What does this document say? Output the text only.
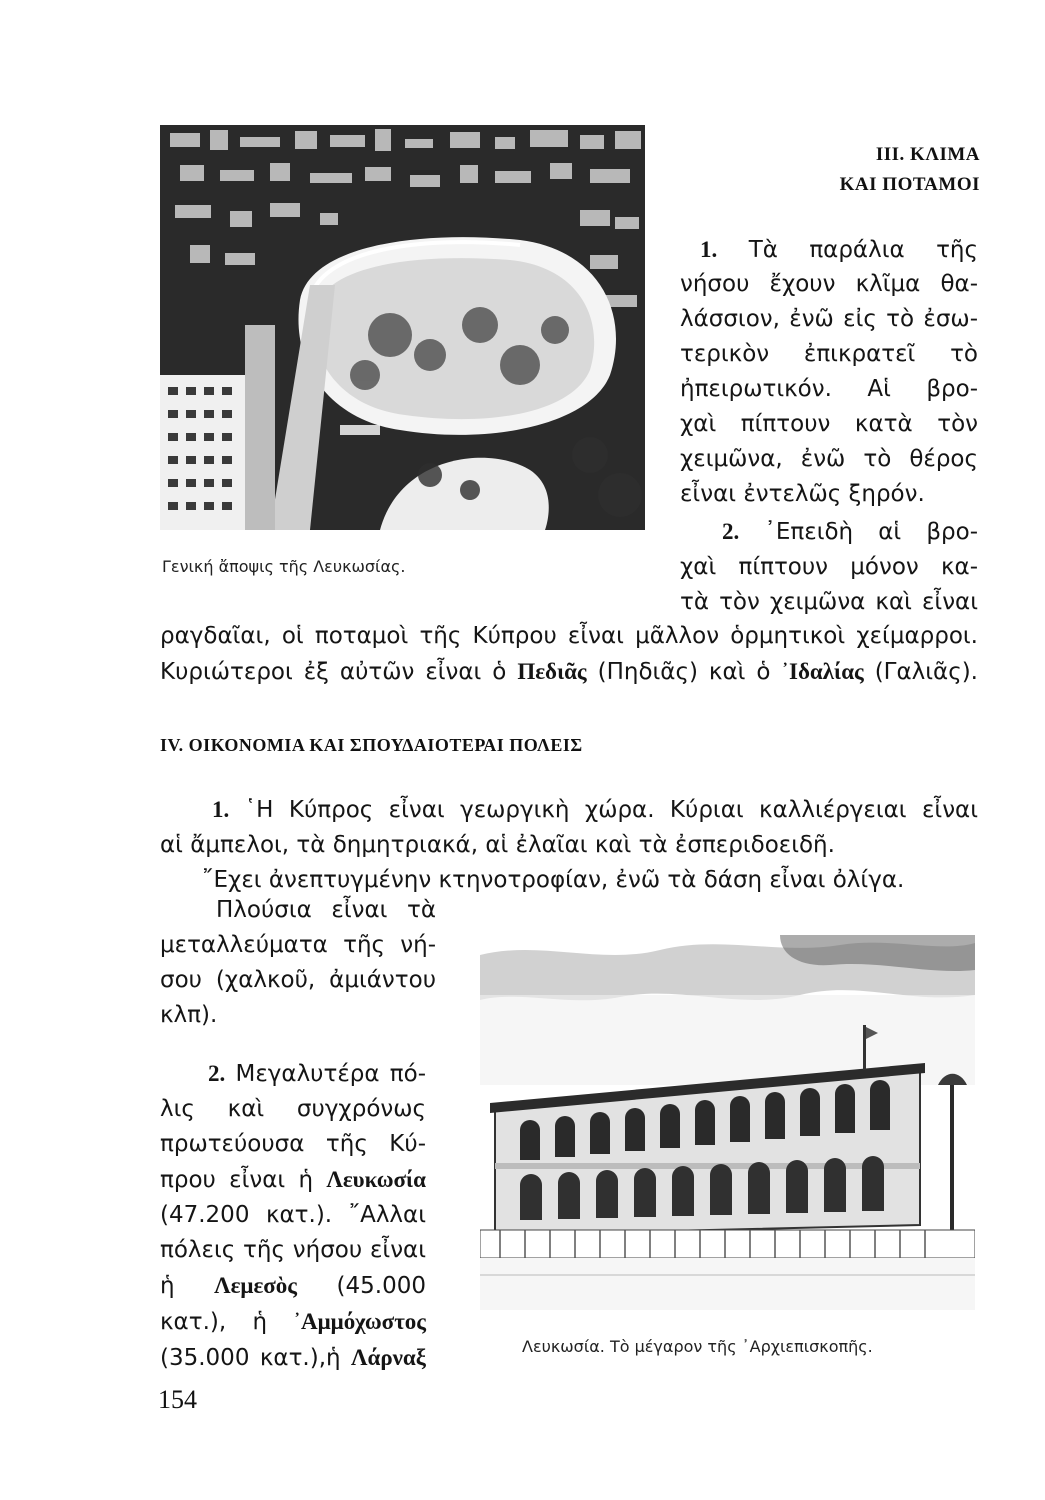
Γενική ἄποψις τῆς Λευκωσίας.
III. ΚΛΙΜΑ
ΚΑΙ ΠΟΤΑΜΟΙ
1. Τὰ παράλια τῆς
νήσου ἔχουν κλῖμα θα-
λάσσιον, ἐνῶ εἰς τὸ ἐσω-
τερικὸν ἐπικρατεῖ τὸ
ἠπειρωτικόν. Αἱ βρο-
χαὶ πίπτουν κατὰ τὸν
χειμῶνα, ἐνῶ τὸ θέρος
εἶναι ἐντελῶς ξηρόν.
2. ᾿Επειδὴ αἱ βρο-
χαὶ πίπτουν μόνον κα-
τὰ τὸν χειμῶνα καὶ εἶναι
ραγδαῖαι, οἱ ποταμοὶ τῆς Κύπρου εἶναι μᾶλλον ὁρμητικοὶ χείμαρροι.
Κυριώτεροι ἐξ αὐτῶν εἶναι ὁ Πεδιᾶς (Πηδιᾶς) καὶ ὁ ᾿Ιδαλίας (Γαλιᾶς).
IV. ΟΙΚΟΝΟΜΙΑ ΚΑΙ ΣΠΟΥΔΑΙΟΤΕΡΑΙ ΠΟΛΕΙΣ
1. ῾Η Κύπρος εἶναι γεωργικὴ χώρα. Κύριαι καλλιέργειαι εἶναι
αἱ ἄμπελοι, τὰ δημητριακά, αἱ ἐλαῖαι καὶ τὰ ἐσπεριδοειδῆ.
῎Εχει ἀνεπτυγμένην κτηνοτροφίαν, ἐνῶ τὰ δάση εἶναι ὀλίγα.
Πλούσια εἶναι τὰ
μεταλλεύματα τῆς νή-
σου (χαλκοῦ, ἀμιάντου
κλπ).
2. Μεγαλυτέρα πό-
λις καὶ συγχρόνως
πρωτεύουσα τῆς Κύ-
πρου εἶναι ἡ Λευκωσία
(47.200 κατ.). ῎Αλλαι
πόλεις τῆς νήσου εἶναι
ἡ Λεμεσὸς (45.000
κατ.), ἡ ᾿Αμμόχωστος
(35.000 κατ.),ἡ Λάρναξ	Λευκωσία. Τὸ μέγαρον τῆς ᾿Αρχιεπισκοπῆς.
154
